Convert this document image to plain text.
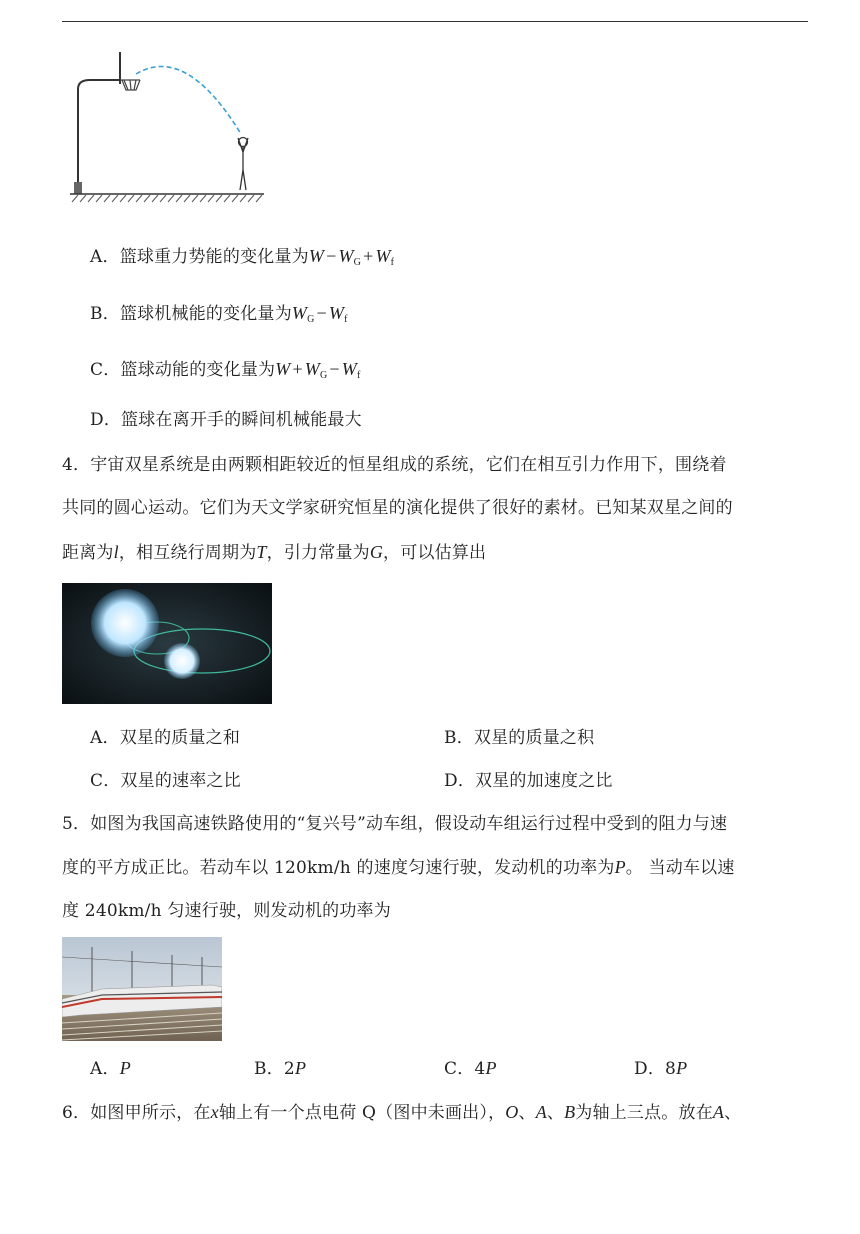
A．篮球重力势能的变化量为$W - W_G + W_f$
B．篮球机械能的变化量为$W_G - W_f$
C．篮球动能的变化量为$W + W_G - W_f$
D．篮球在离开手的瞬间机械能最大
4．宇宙双星系统是由两颗相距较近的恒星组成的系统，它们在相互引力作用下，围绕着
共同的圆心运动。它们为天文学家研究恒星的演化提供了很好的素材。已知某双星之间的
距离为l，相互绕行周期为T，引力常量为G，可以估算出
A．双星的质量之和	B．双星的质量之积
C．双星的速率之比	D．双星的加速度之比
5．如图为我国高速铁路使用的“复兴号”动车组，假设动车组运行过程中受到的阻力与速
度的平方成正比。若动车以 120km/h 的速度匀速行驶，发动机的功率为P。 当动车以速
度 240km/h 匀速行驶，则发动机的功率为
A．P	B．2P	C．4P	D．8P
6．如图甲所示，在x轴上有一个点电荷 Q（图中未画出），O、A、B为轴上三点。放在A、
